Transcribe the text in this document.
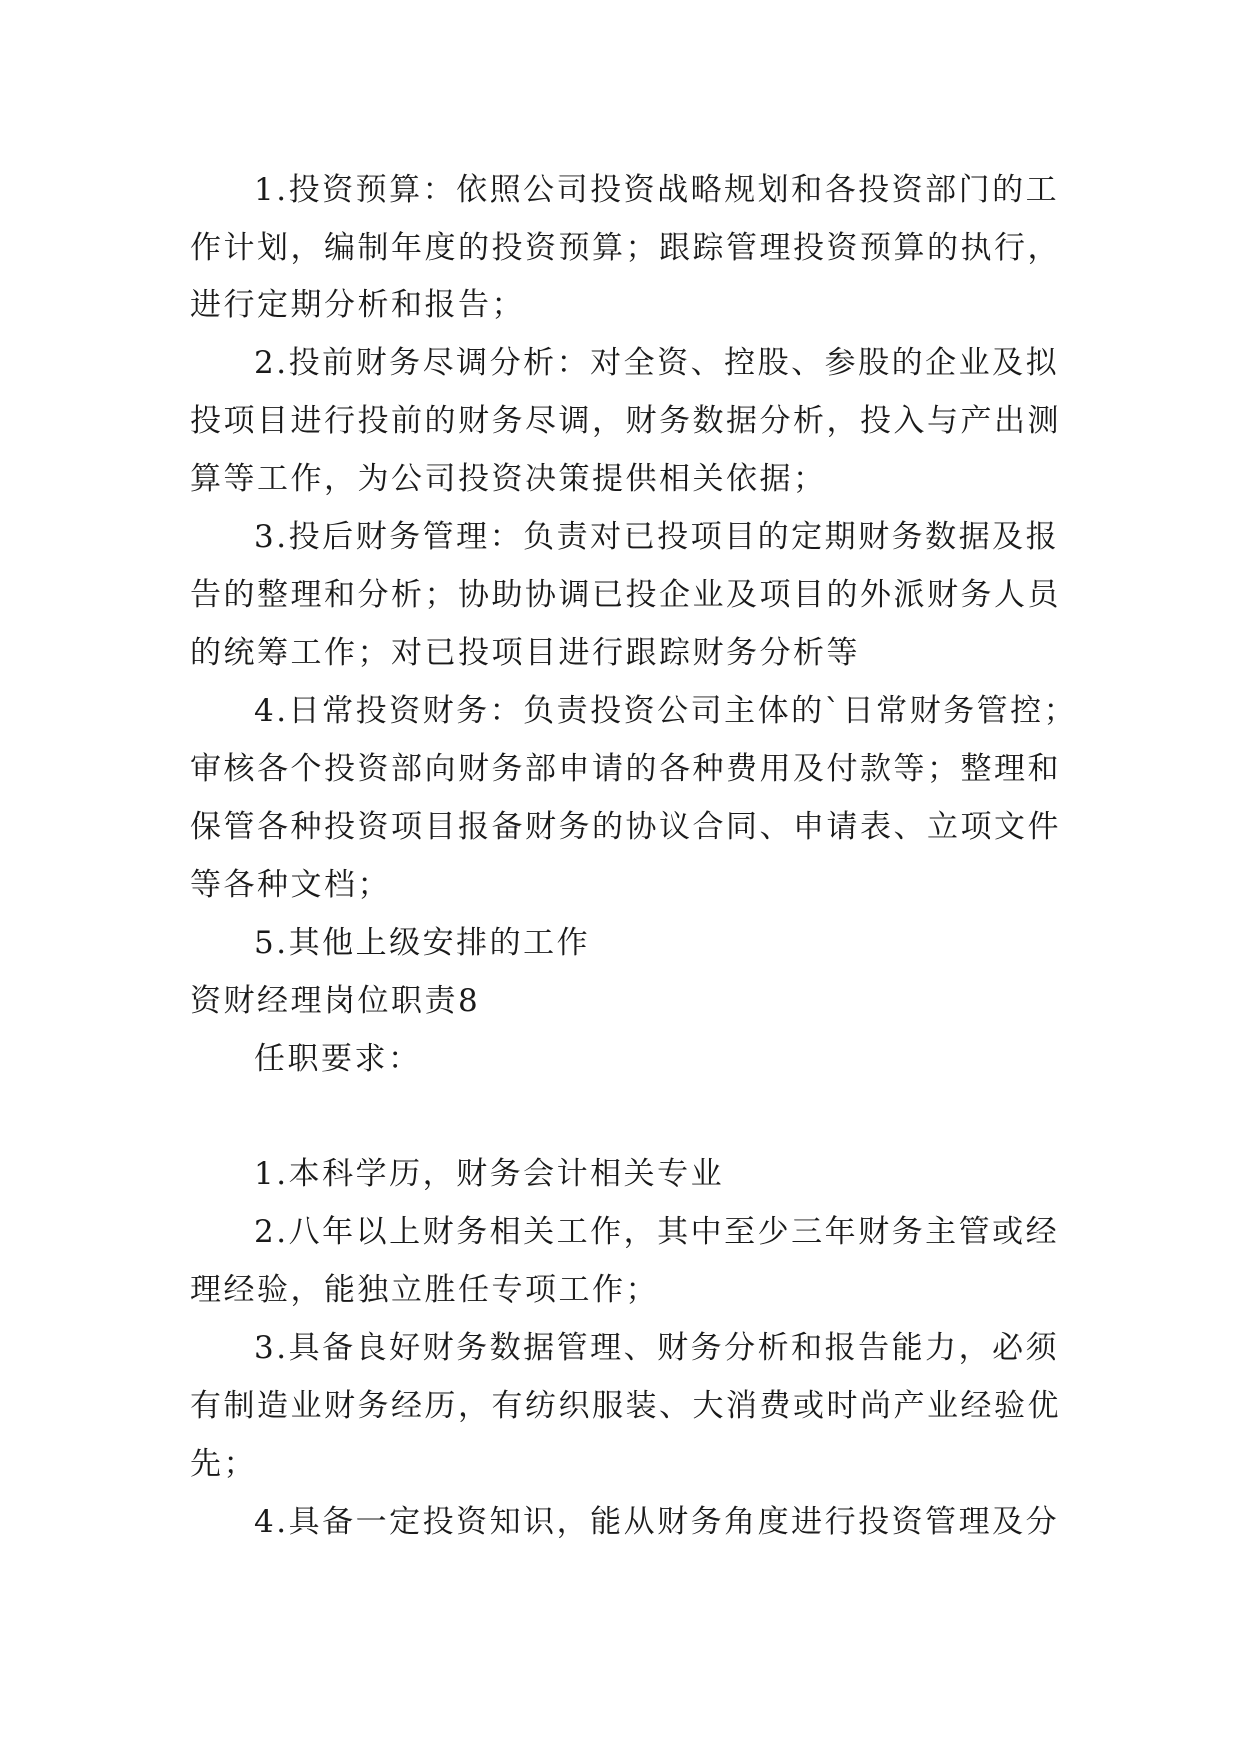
1.投资预算：依照公司投资战略规划和各投资部门的工
作计划，编制年度的投资预算；跟踪管理投资预算的执行，
进行定期分析和报告；
2.投前财务尽调分析：对全资、控股、参股的企业及拟
投项目进行投前的财务尽调，财务数据分析，投入与产出测
算等工作，为公司投资决策提供相关依据；
3.投后财务管理：负责对已投项目的定期财务数据及报
告的整理和分析；协助协调已投企业及项目的外派财务人员
的统筹工作；对已投项目进行跟踪财务分析等
4.日常投资财务：负责投资公司主体的`日常财务管控；
审核各个投资部向财务部申请的各种费用及付款等；整理和
保管各种投资项目报备财务的协议合同、申请表、立项文件
等各种文档；
5.其他上级安排的工作
资财经理岗位职责8
任职要求：
1.本科学历，财务会计相关专业
2.八年以上财务相关工作，其中至少三年财务主管或经
理经验，能独立胜任专项工作；
3.具备良好财务数据管理、财务分析和报告能力，必须
有制造业财务经历，有纺织服装、大消费或时尚产业经验优
先；
4.具备一定投资知识，能从财务角度进行投资管理及分
